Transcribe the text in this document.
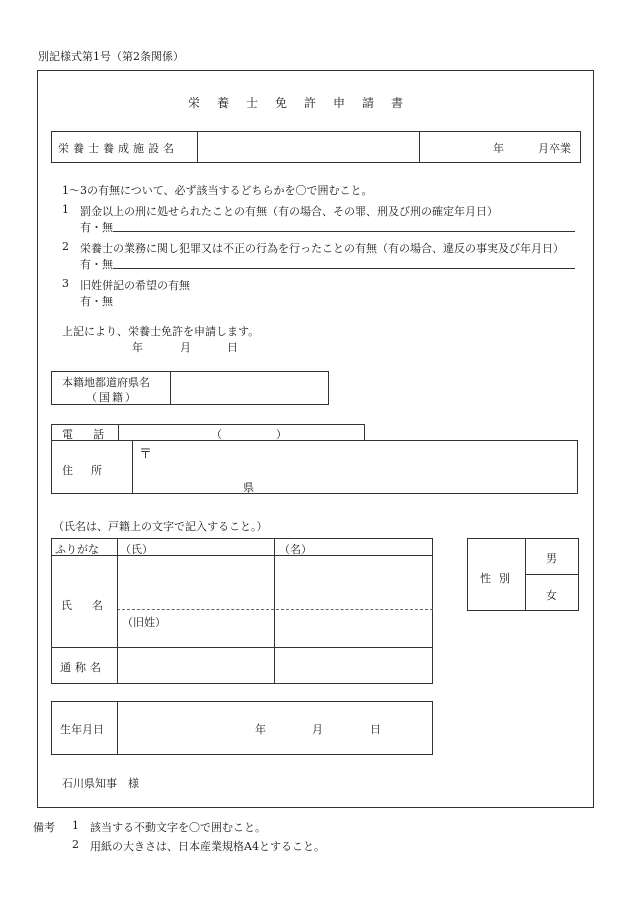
別記様式第1号（第2条関係）
栄養士免許申請書
栄養士養成施設名	年	月卒業
1〜3の有無について、必ず該当するどちらかを〇で囲むこと。
1 罰金以上の刑に処せられたことの有無（有の場合、その罪、刑及び刑の確定年月日）
有・無
2 栄養士の業務に関し犯罪又は不正の行為を行ったことの有無（有の場合、違反の事実及び年月日）
有・無
3 旧姓併記の希望の有無
有・無
上記により、栄養士免許を申請します。
年	月	日
本籍地都道府県名
（国籍）
電話	（	）
住所
〒
県
（氏名は、戸籍上の文字で記入すること。）
ふりがな （氏）	（名）
氏名
（旧姓）
通称名
性別
男
女
生年月日	年	月	日
石川県知事　様
備考 1 該当する不動文字を〇で囲むこと。
2 用紙の大きさは、日本産業規格A4とすること。
